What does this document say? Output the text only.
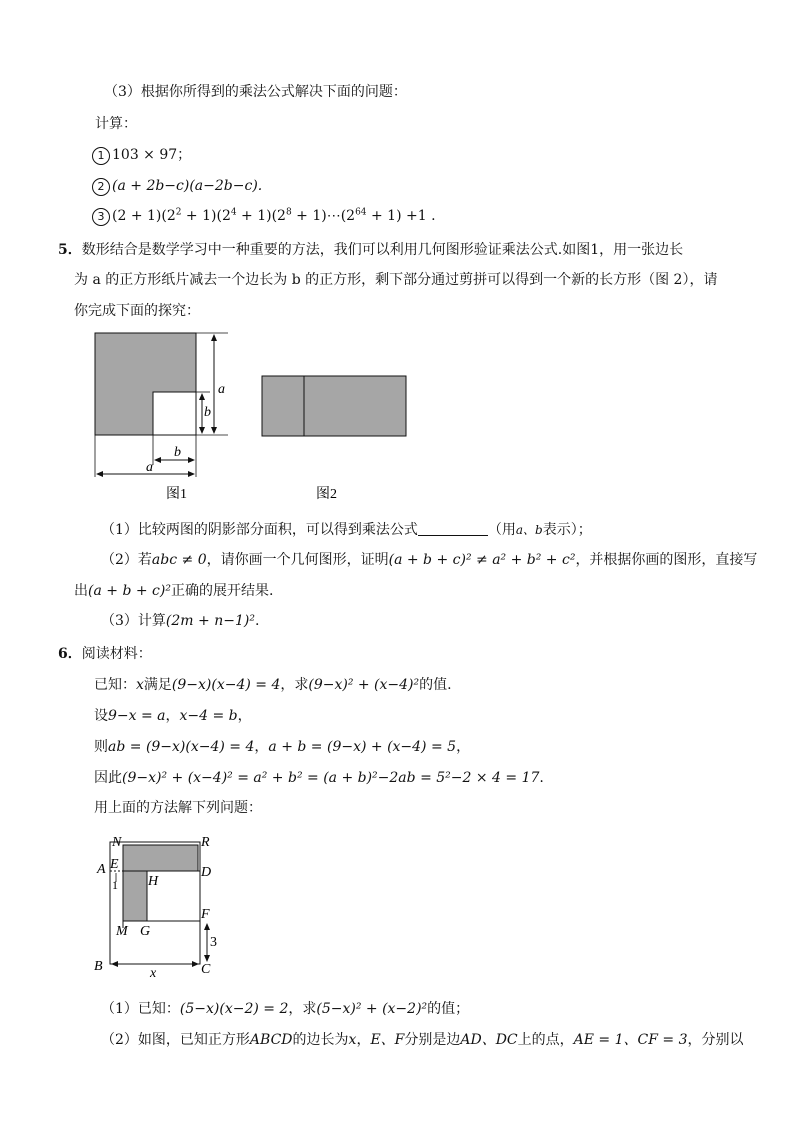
（3）根据你所得到的乘法公式解决下面的问题：
计算：
1 103 × 97；
2 (a + 2b−c)(a−2b−c).
3 $(2 + 1)(2^2 + 1)(2^4 + 1)(2^8$ + $1)\cdots(2^{64} + 1) +1$ .
5．数形结合是数学学习中一种重要的方法，我们可以利用几何图形验证乘法公式.如图1，用一张边长
为 a 的正方形纸片减去一个边长为 b 的正方形，剩下部分通过剪拼可以得到一个新的长方形（图 2），请
你完成下面的探究：
a
b
b
a
图1	图2
（1）比较两图的阴影部分面积，可以得到乘法公式	（用a、b表示）；
（2）若abc ≠ 0，请你画一个几何图形，证明(a + b + c)² ≠ a² + b² + c²，并根据你画的图形，直接写
出(a + b + c)²正确的展开结果.
（3）计算(2m + n−1)².
6．阅读材料：
已知：x满足(9−x)(x−4) = 4，求(9−x)² + (x−4)²的值.
设9−x = a，x−4 = b，
则ab = (9−x)(x−4) = 4，a + b = (9−x) + (x−4) = 5，
因此(9−x)² + (x−4)² = a² + b² = (a + b)²−2ab = 5²−2 × 4 = 17.
用上面的方法解下列问题：
N	R
A E
D
1 H
F
M G
3
B	x	C
（1）已知：(5−x)(x−2) = 2，求(5−x)² + (x−2)²的值；
（2）如图，已知正方形ABCD的边长为x，E、F分别是边AD、DC上的点，AE = 1、CF = 3，分别以
